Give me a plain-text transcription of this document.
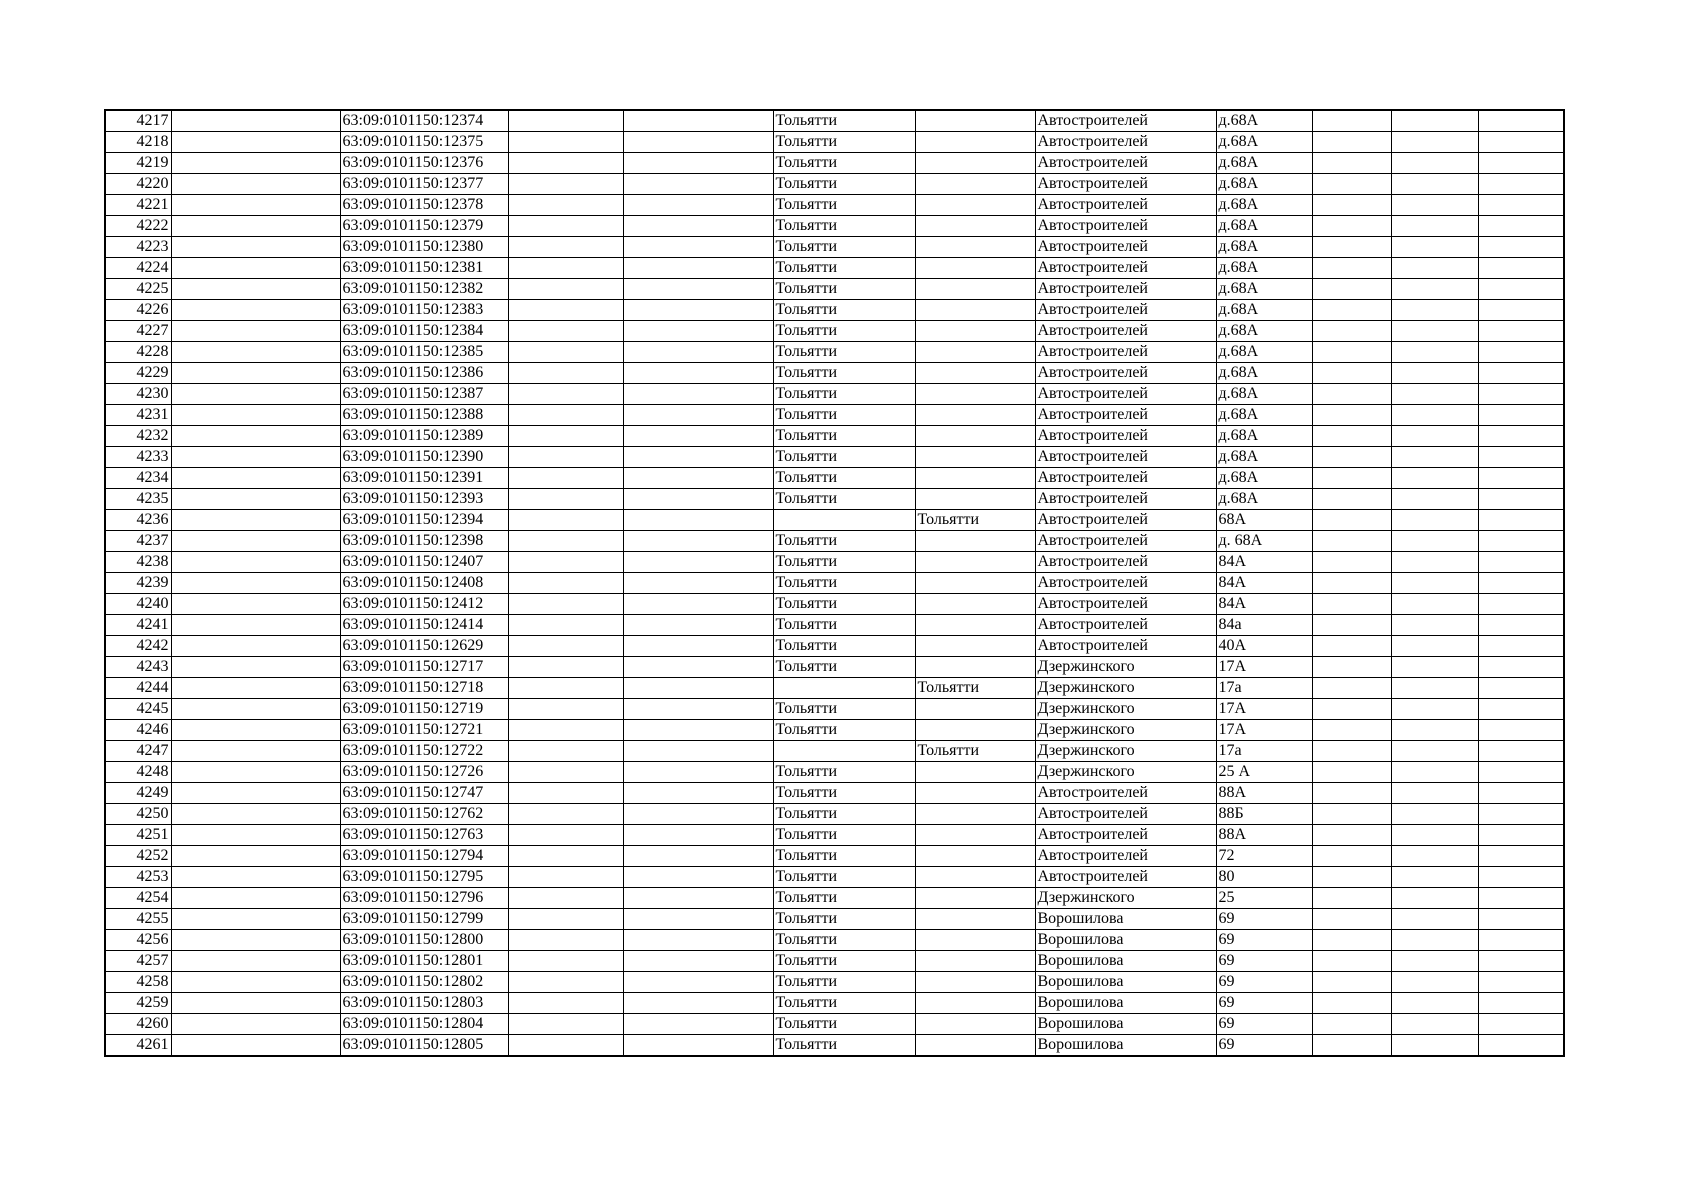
4217		63:09:0101150:12374			Тольятти		Автостроителей	д.68А			
4218		63:09:0101150:12375			Тольятти		Автостроителей	д.68А			
4219		63:09:0101150:12376			Тольятти		Автостроителей	д.68А			
4220		63:09:0101150:12377			Тольятти		Автостроителей	д.68А			
4221		63:09:0101150:12378			Тольятти		Автостроителей	д.68А			
4222		63:09:0101150:12379			Тольятти		Автостроителей	д.68А			
4223		63:09:0101150:12380			Тольятти		Автостроителей	д.68А			
4224		63:09:0101150:12381			Тольятти		Автостроителей	д.68А			
4225		63:09:0101150:12382			Тольятти		Автостроителей	д.68А			
4226		63:09:0101150:12383			Тольятти		Автостроителей	д.68А			
4227		63:09:0101150:12384			Тольятти		Автостроителей	д.68А			
4228		63:09:0101150:12385			Тольятти		Автостроителей	д.68А			
4229		63:09:0101150:12386			Тольятти		Автостроителей	д.68А			
4230		63:09:0101150:12387			Тольятти		Автостроителей	д.68А			
4231		63:09:0101150:12388			Тольятти		Автостроителей	д.68А			
4232		63:09:0101150:12389			Тольятти		Автостроителей	д.68А			
4233		63:09:0101150:12390			Тольятти		Автостроителей	д.68А			
4234		63:09:0101150:12391			Тольятти		Автостроителей	д.68А			
4235		63:09:0101150:12393			Тольятти		Автостроителей	д.68А			
4236		63:09:0101150:12394				Тольятти	Автостроителей	68А			
4237		63:09:0101150:12398			Тольятти		Автостроителей	д. 68А			
4238		63:09:0101150:12407			Тольятти		Автостроителей	84А			
4239		63:09:0101150:12408			Тольятти		Автостроителей	84А			
4240		63:09:0101150:12412			Тольятти		Автостроителей	84А			
4241		63:09:0101150:12414			Тольятти		Автостроителей	84а			
4242		63:09:0101150:12629			Тольятти		Автостроителей	40А			
4243		63:09:0101150:12717			Тольятти		Дзержинского	17А			
4244		63:09:0101150:12718				Тольятти	Дзержинского	17а			
4245		63:09:0101150:12719			Тольятти		Дзержинского	17А			
4246		63:09:0101150:12721			Тольятти		Дзержинского	17А			
4247		63:09:0101150:12722				Тольятти	Дзержинского	17а			
4248		63:09:0101150:12726			Тольятти		Дзержинского	25 А			
4249		63:09:0101150:12747			Тольятти		Автостроителей	88А			
4250		63:09:0101150:12762			Тольятти		Автостроителей	88Б			
4251		63:09:0101150:12763			Тольятти		Автостроителей	88А			
4252		63:09:0101150:12794			Тольятти		Автостроителей	72			
4253		63:09:0101150:12795			Тольятти		Автостроителей	80			
4254		63:09:0101150:12796			Тольятти		Дзержинского	25			
4255		63:09:0101150:12799			Тольятти		Ворошилова	69			
4256		63:09:0101150:12800			Тольятти		Ворошилова	69			
4257		63:09:0101150:12801			Тольятти		Ворошилова	69			
4258		63:09:0101150:12802			Тольятти		Ворошилова	69			
4259		63:09:0101150:12803			Тольятти		Ворошилова	69			
4260		63:09:0101150:12804			Тольятти		Ворошилова	69			
4261		63:09:0101150:12805			Тольятти		Ворошилова	69			
